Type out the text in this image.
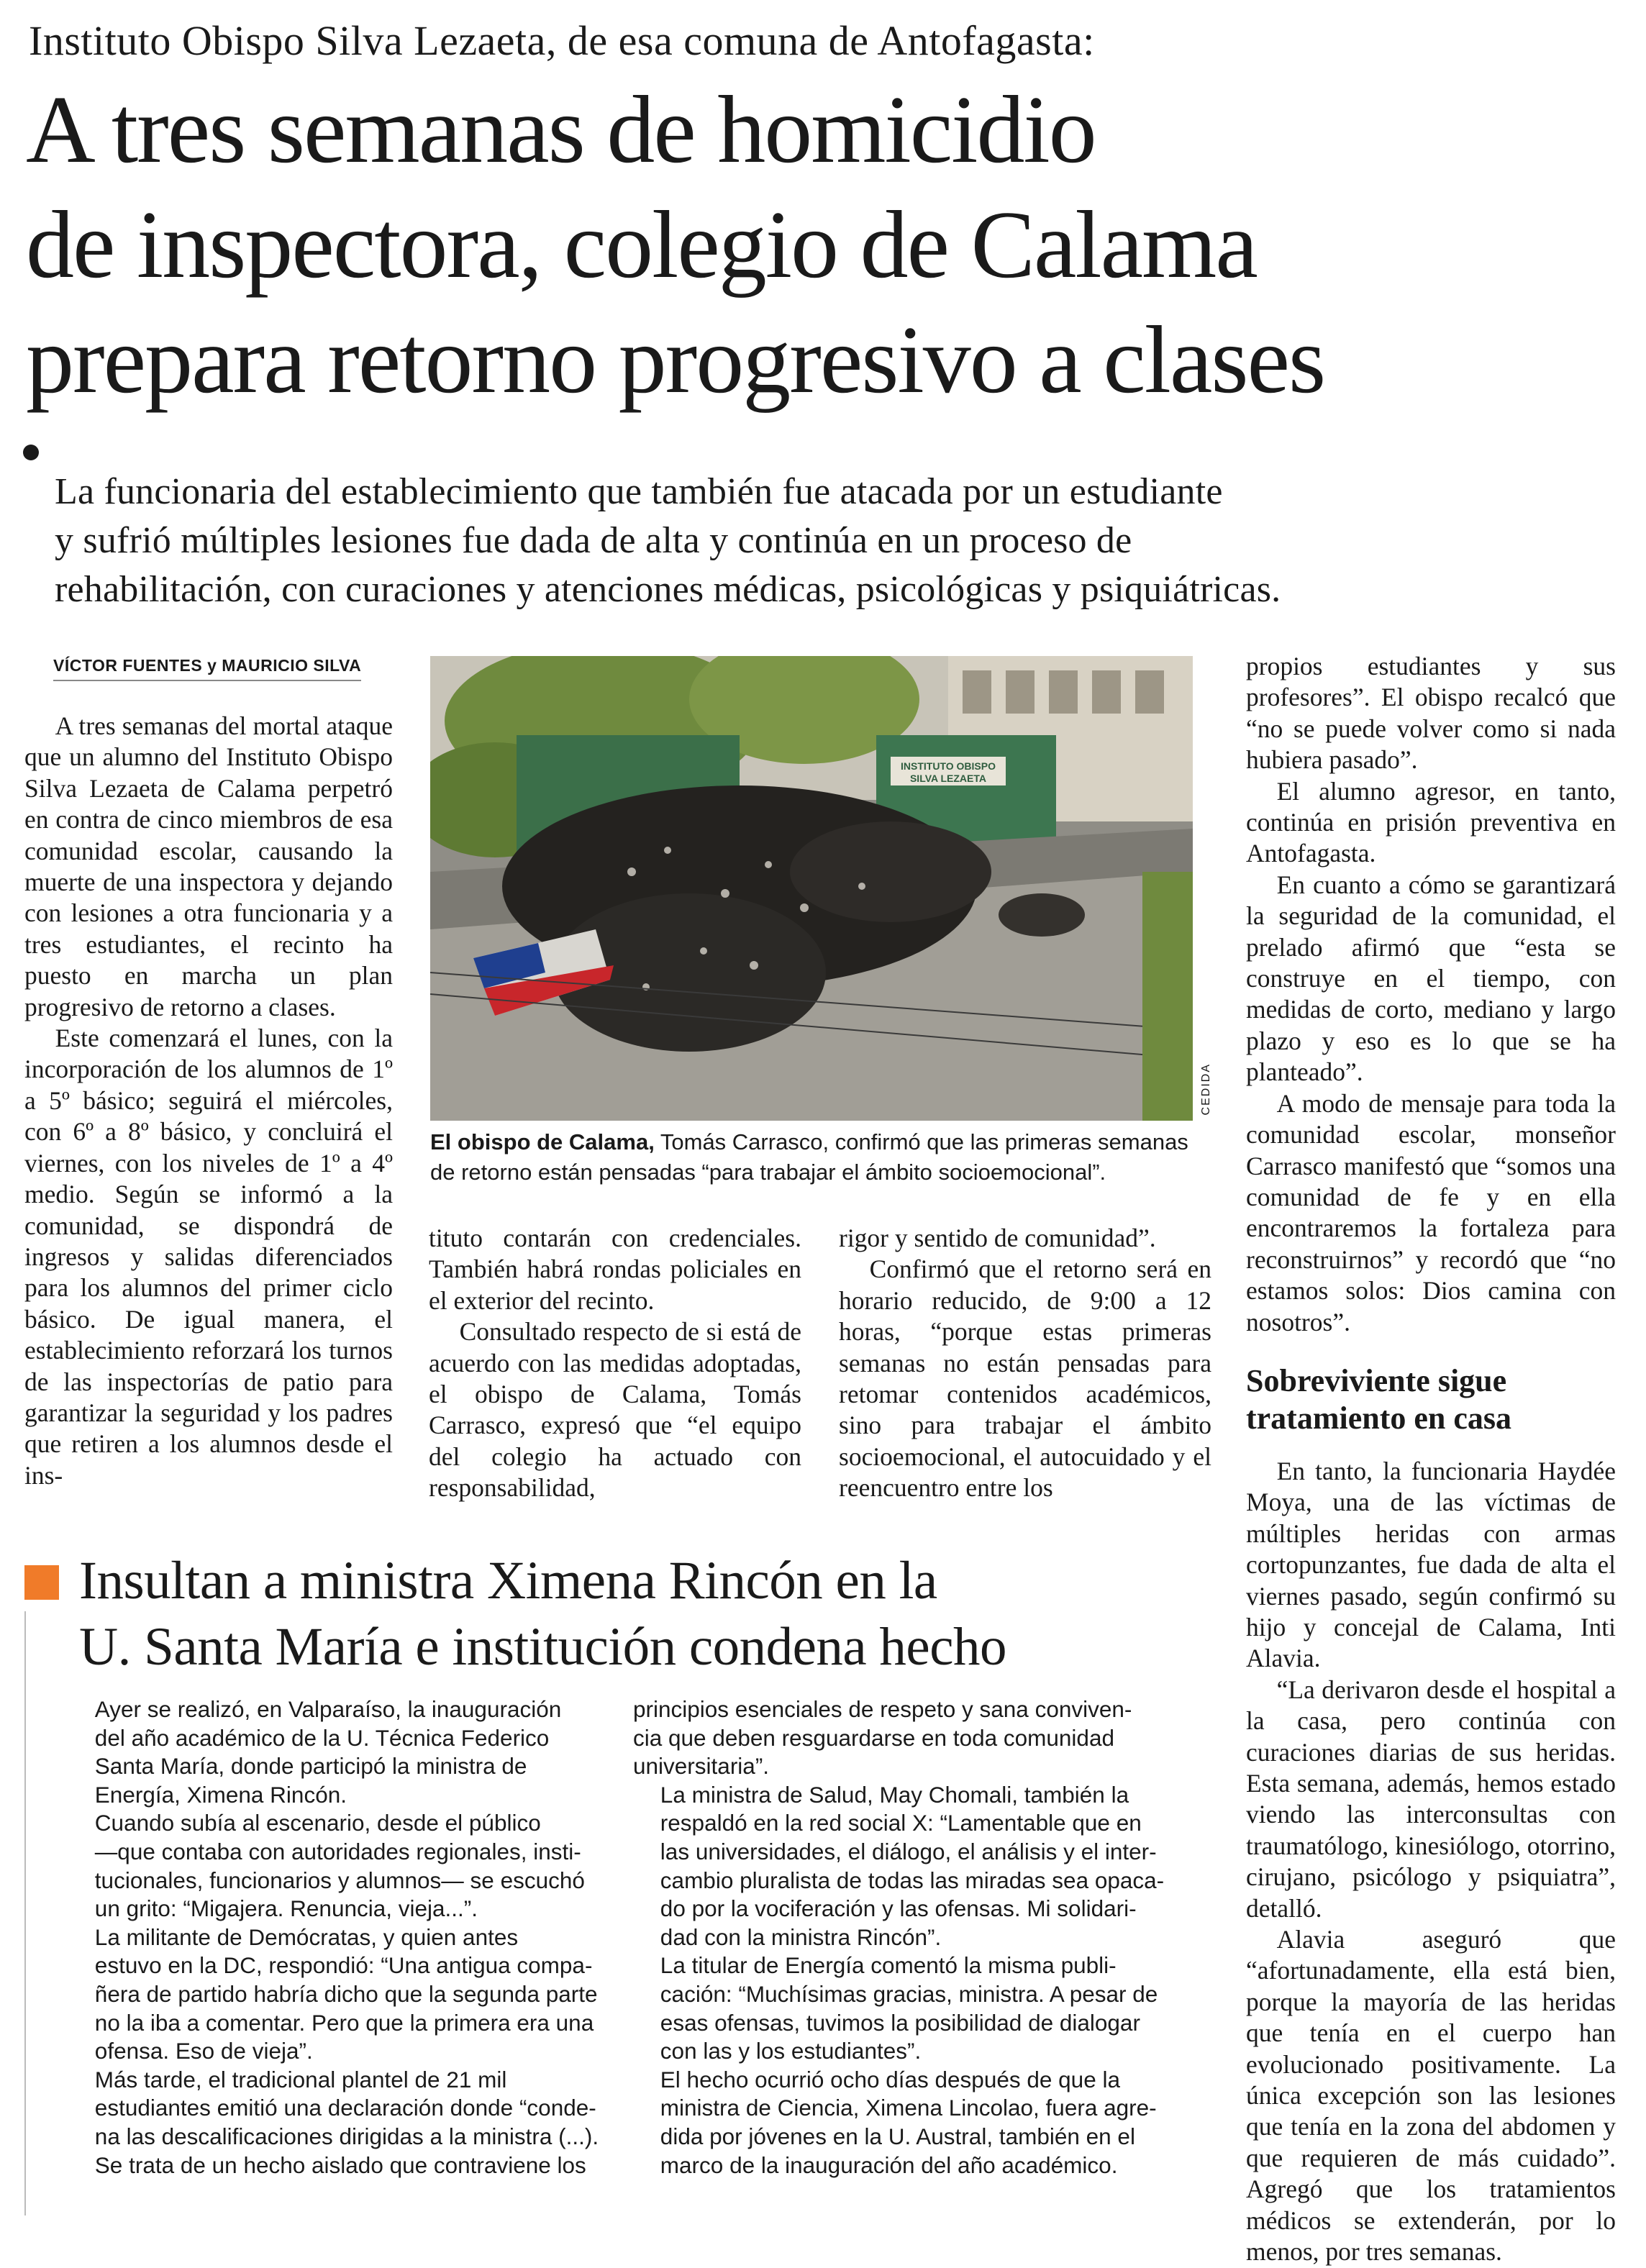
Instituto Obispo Silva Lezaeta, de esa comuna de Antofagasta:
A tres semanas de homicidio
de inspectora, colegio de Calama
prepara retorno progresivo a clases
La funcionaria del establecimiento que también fue atacada por un estudiante
y sufrió múltiples lesiones fue dada de alta y continúa en un proceso de
rehabilitación, con curaciones y atenciones médicas, psicológicas y psiquiátricas.
VÍCTOR FUENTES y MAURICIO SILVA

A tres semanas del mortal ataque que un alumno del Instituto Obispo Silva Lezaeta de Calama perpetró en contra de cinco miembros de esa comunidad escolar, causando la muerte de una inspectora y dejando con lesiones a otra funcionaria y a tres estudiantes, el recinto ha puesto en marcha un plan progresivo de retorno a clases.

Este comenzará el lunes, con la incorporación de los alumnos de 1º a 5º básico; seguirá el miércoles, con 6º a 8º básico, y concluirá el viernes, con los niveles de 1º a 4º medio. Según se informó a la comunidad, se dispondrá de ingresos y salidas diferenciados para los alumnos del primer ciclo básico. De igual manera, el establecimiento reforzará los turnos de las inspectorías de patio para garantizar la seguridad y los padres que retiren a los alumnos desde el ins-

INSTITUTO OBISPO
SILVA LEZAETA
CEDIDA
El obispo de Calama, Tomás Carrasco, confirmó que las primeras semanas de retorno están pensadas “para trabajar el ámbito socioemocional”.

tituto contarán con credenciales. También habrá rondas policiales en el exterior del recinto.

Consultado respecto de si está de acuerdo con las medidas adoptadas, el obispo de Calama, Tomás Carrasco, expresó que “el equipo del colegio ha actuado con responsabilidad,

rigor y sentido de comunidad”.

Confirmó que el retorno será en horario reducido, de 9:00 a 12 horas, “porque estas primeras semanas no están pensadas para retomar contenidos académicos, sino para trabajar el ámbito socioemocional, el autocuidado y el reencuentro entre los

propios estudiantes y sus profesores”. El obispo recalcó que “no se puede volver como si nada hubiera pasado”.

El alumno agresor, en tanto, continúa en prisión preventiva en Antofagasta.

En cuanto a cómo se garantizará la seguridad de la comunidad, el prelado afirmó que “esta se construye en el tiempo, con medidas de corto, mediano y largo plazo y eso es lo que se ha planteado”.

A modo de mensaje para toda la comunidad escolar, monseñor Carrasco manifestó que “somos una comunidad de fe y en ella encontraremos la fortaleza para reconstruirnos” y recordó que “no estamos solos: Dios camina con nosotros”.

Sobreviviente sigue tratamiento en casa

En tanto, la funcionaria Haydée Moya, una de las víctimas de múltiples heridas con armas cortopunzantes, fue dada de alta el viernes pasado, según confirmó su hijo y concejal de Calama, Inti Alavia.

“La derivaron desde el hospital a la casa, pero continúa con curaciones diarias de sus heridas. Esta semana, además, hemos estado viendo las interconsultas con traumatólogo, kinesiólogo, otorrino, cirujano, psicólogo y psiquiatra”, detalló.

Alavia aseguró que “afortunadamente, ella está bien, porque la mayoría de las heridas que tenía en el cuerpo han evolucionado positivamente. La única excepción son las lesiones que tenía en la zona del abdomen y que requieren de más cuidado”. Agregó que los tratamientos médicos se extenderán, por lo menos, por tres semanas.

Insultan a ministra Ximena Rincón en la
U. Santa María e institución condena hecho

Ayer se realizó, en Valparaíso, la inauguración
del año académico de la U. Técnica Federico
Santa María, donde participó la ministra de
Energía, Ximena Rincón.

Cuando subía al escenario, desde el público
—que contaba con autoridades regionales, insti-
tucionales, funcionarios y alumnos— se escuchó
un grito: “Migajera. Renuncia, vieja...”.

La militante de Demócratas, y quien antes
estuvo en la DC, respondió: “Una antigua compa-
ñera de partido habría dicho que la segunda parte
no la iba a comentar. Pero que la primera era una
ofensa. Eso de vieja”.

Más tarde, el tradicional plantel de 21 mil
estudiantes emitió una declaración donde “conde-
na las descalificaciones dirigidas a la ministra (...).
Se trata de un hecho aislado que contraviene los

principios esenciales de respeto y sana conviven-
cia que deben resguardarse en toda comunidad
universitaria”.

La ministra de Salud, May Chomali, también la
respaldó en la red social X: “Lamentable que en
las universidades, el diálogo, el análisis y el inter-
cambio pluralista de todas las miradas sea opaca-
do por la vociferación y las ofensas. Mi solidari-
dad con la ministra Rincón”.

La titular de Energía comentó la misma publi-
cación: “Muchísimas gracias, ministra. A pesar de
esas ofensas, tuvimos la posibilidad de dialogar
con las y los estudiantes”.

El hecho ocurrió ocho días después de que la
ministra de Ciencia, Ximena Lincolao, fuera agre-
dida por jóvenes en la U. Austral, también en el
marco de la inauguración del año académico.
